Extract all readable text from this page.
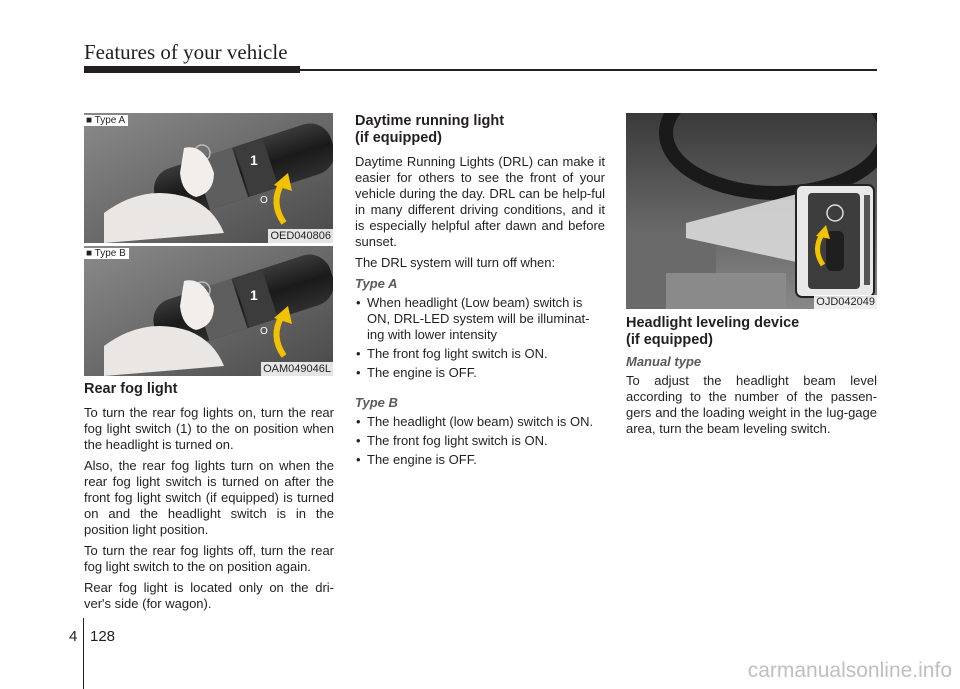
Features of your vehicle
1
O
■ Type A
OED040806
1
O
■ Type B
OAM049046L
OJD042049
Rear fog light

To turn the rear fog lights on, turn the rear fog light switch (1) to the on position when the headlight is turned on.

Also, the rear fog lights turn on when the rear fog light switch is turned on after the front fog light switch (if equipped) is turned on and the headlight switch is in the position light position.

To turn the rear fog lights off, turn the rear fog light switch to the on position again.

Rear fog light is located only on the dri-ver's side (for wagon).

Daytime running light
(if equipped)

Daytime Running Lights (DRL) can make it easier for others to see the front of your vehicle during the day. DRL can be help-ful in many different driving conditions, and it is especially helpful after dawn and before sunset.

The DRL system will turn off when:

Type A
• When headlight (Low beam) switch is ON, DRL-LED system will be illuminat-ing with lower intensity
• The front fog light switch is ON.
• The engine is OFF.
Type B
• The headlight (low beam) switch is ON.
• The front fog light switch is ON.
• The engine is OFF.
Headlight leveling device
(if equipped)
Manual type

To adjust the headlight beam level according to the number of the passen-gers and the loading weight in the lug-gage area, turn the beam leveling switch.

4 128
carmanualsonline.info
